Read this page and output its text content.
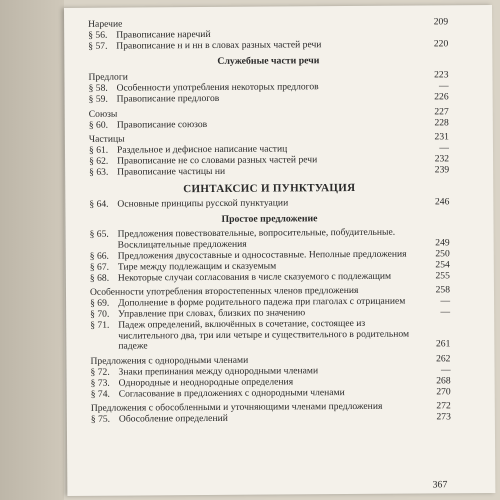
Наречие	209
§ 56. Правописание наречий
§ 57. Правописание н и нн в словах разных частей речи	220
Служебные части речи
Предлоги	223
§ 58. Особенности употребления некоторых предлогов	—
§ 59. Правописание предлогов	226
Союзы	227
§ 60. Правописание союзов	228
Частицы	231
§ 61. Раздельное и дефисное написание частиц	—
§ 62. Правописание не со словами разных частей речи	232
§ 63. Правописание частицы ни	239
СИНТАКСИС И ПУНКТУАЦИЯ
§ 64. Основные принципы русской пунктуации	246
Простое предложение
§ 65. Предложения повествовательные, вопросительные, побудительные. Восклицательные предложения	249
§ 66. Предложения двусоставные и односоставные. Неполные предложения	250
§ 67. Тире между подлежащим и сказуемым	254
§ 68. Некоторые случаи согласования в числе сказуемого с подлежащим	255
Особенности употребления второстепенных членов предложения	258
§ 69. Дополнение в форме родительного падежа при глаголах с отрицанием	—
§ 70. Управление при словах, близких по значению	—
§ 71. Падеж определений, включённых в сочетание, состоящее из числительного два, три или четыре и существительного в родительном падеже	261
Предложения с однородными членами	262
§ 72. Знаки препинания между однородными членами	—
§ 73. Однородные и неоднородные определения	268
§ 74. Согласование в предложениях с однородными членами	270
Предложения с обособленными и уточняющими членами предложения	272
§ 75. Обособление определений	273
367
